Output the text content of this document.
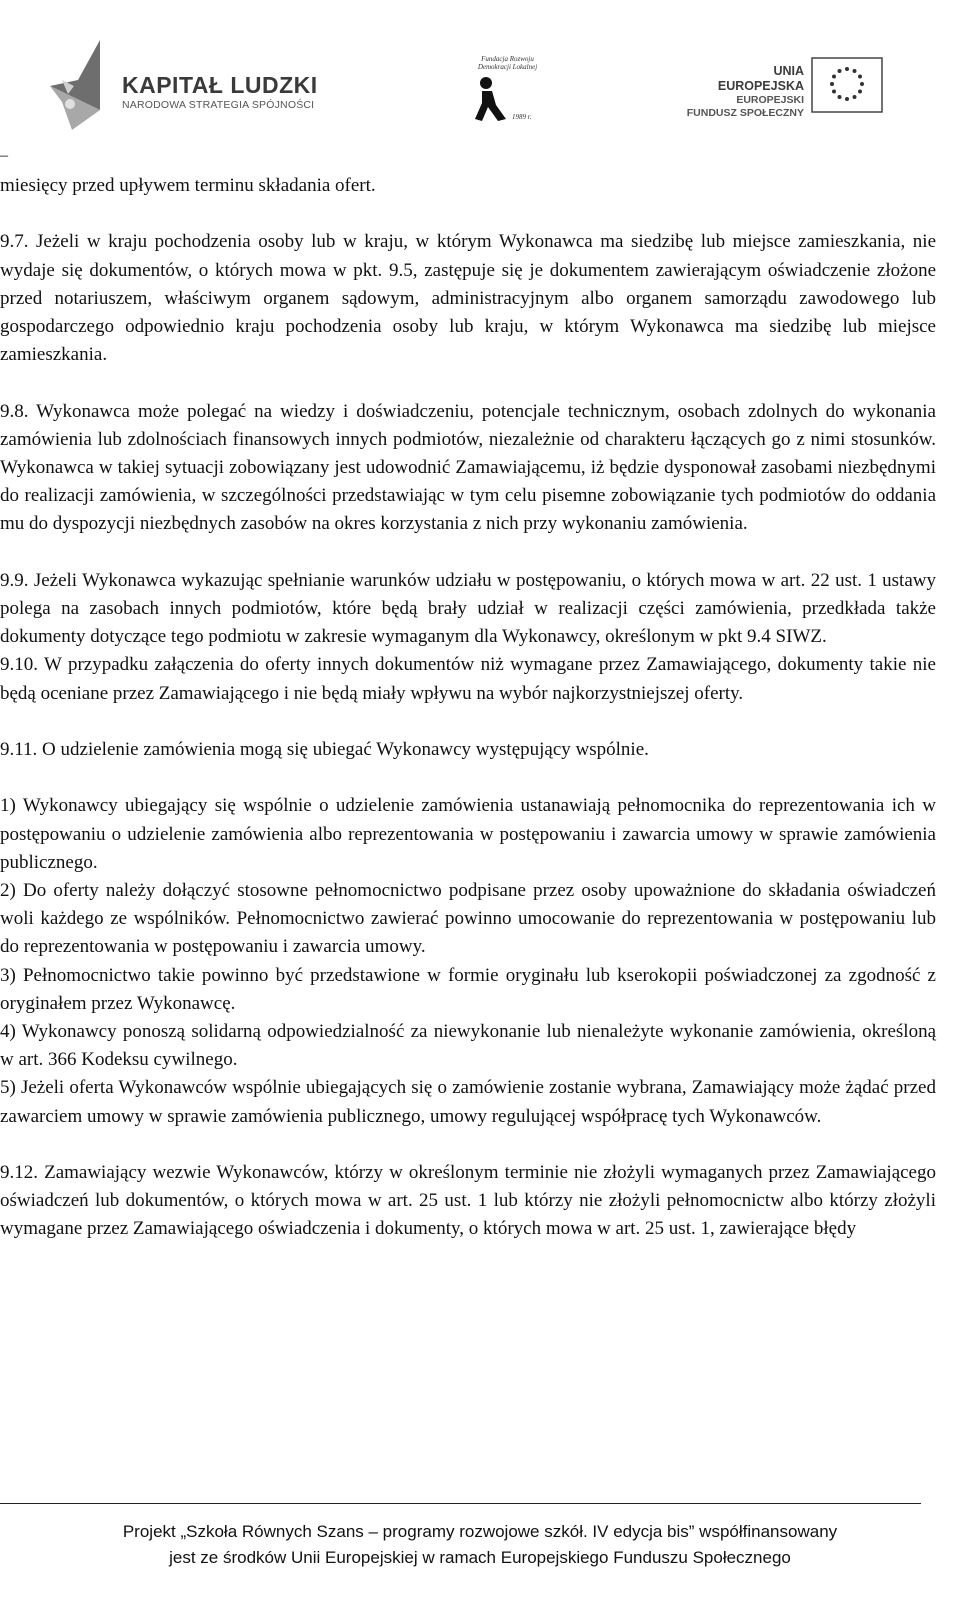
KAPITAŁ LUDZKI
NARODOWA STRATEGIA SPÓJNOŚCI
Fundacja Rozwoju Demokracji Lokalnej
1989 r.
UNIA EUROPEJSKA
EUROPEJSKI
FUNDUSZ SPOŁECZNY
–

miesięcy przed upływem terminu składania ofert.

9.7. Jeżeli w kraju pochodzenia osoby lub w kraju, w którym Wykonawca ma siedzibę lub miejsce zamieszkania, nie wydaje się dokumentów, o których mowa w pkt. 9.5, zastępuje się je dokumentem zawierającym oświadczenie złożone przed notariuszem, właściwym organem sądowym, administracyjnym albo organem samorządu zawodowego lub gospodarczego odpowiednio kraju pochodzenia osoby lub kraju, w którym Wykonawca ma siedzibę lub miejsce zamieszkania.

9.8. Wykonawca może polegać na wiedzy i doświadczeniu, potencjale technicznym, osobach zdolnych do wykonania zamówienia lub zdolnościach finansowych innych podmiotów, niezależnie od charakteru łączących go z nimi stosunków. Wykonawca w takiej sytuacji zobowiązany jest udowodnić Zamawiającemu, iż będzie dysponował zasobami niezbędnymi do realizacji zamówienia, w szczególności przedstawiając w tym celu pisemne zobowiązanie tych podmiotów do oddania mu do dyspozycji niezbędnych zasobów na okres korzystania z nich przy wykonaniu zamówienia.

9.9. Jeżeli Wykonawca wykazując spełnianie warunków udziału w postępowaniu, o których mowa w art. 22 ust. 1 ustawy polega na zasobach innych podmiotów, które będą brały udział w realizacji części zamówienia, przedkłada także dokumenty dotyczące tego podmiotu w zakresie wymaganym dla Wykonawcy, określonym w pkt 9.4 SIWZ.

9.10. W przypadku załączenia do oferty innych dokumentów niż wymagane przez Zamawiającego, dokumenty takie nie będą oceniane przez Zamawiającego i nie będą miały wpływu na wybór najkorzystniejszej oferty.

9.11. O udzielenie zamówienia mogą się ubiegać Wykonawcy występujący wspólnie.

1) Wykonawcy ubiegający się wspólnie o udzielenie zamówienia ustanawiają pełnomocnika do reprezentowania ich w postępowaniu o udzielenie zamówienia albo reprezentowania w postępowaniu i zawarcia umowy w sprawie zamówienia publicznego.

2) Do oferty należy dołączyć stosowne pełnomocnictwo podpisane przez osoby upoważnione do składania oświadczeń woli każdego ze wspólników. Pełnomocnictwo zawierać powinno umocowanie do reprezentowania w postępowaniu lub do reprezentowania w postępowaniu i zawarcia umowy.

3) Pełnomocnictwo takie powinno być przedstawione w formie oryginału lub kserokopii poświadczonej za zgodność z oryginałem przez Wykonawcę.

4) Wykonawcy ponoszą solidarną odpowiedzialność za niewykonanie lub nienależyte wykonanie zamówienia, określoną w art. 366 Kodeksu cywilnego.

5) Jeżeli oferta Wykonawców wspólnie ubiegających się o zamówienie zostanie wybrana, Zamawiający może żądać przed zawarciem umowy w sprawie zamówienia publicznego, umowy regulującej współpracę tych Wykonawców.

9.12. Zamawiający wezwie Wykonawców, którzy w określonym terminie nie złożyli wymaganych przez Zamawiającego oświadczeń lub dokumentów, o których mowa w art. 25 ust. 1 lub którzy nie złożyli pełnomocnictw albo którzy złożyli wymagane przez Zamawiającego oświadczenia i dokumenty, o których mowa w art. 25 ust. 1, zawierające błędy

Projekt „Szkoła Równych Szans – programy rozwojowe szkół. IV edycja bis” współfinansowany
jest ze środków Unii Europejskiej w ramach Europejskiego Funduszu Społecznego
